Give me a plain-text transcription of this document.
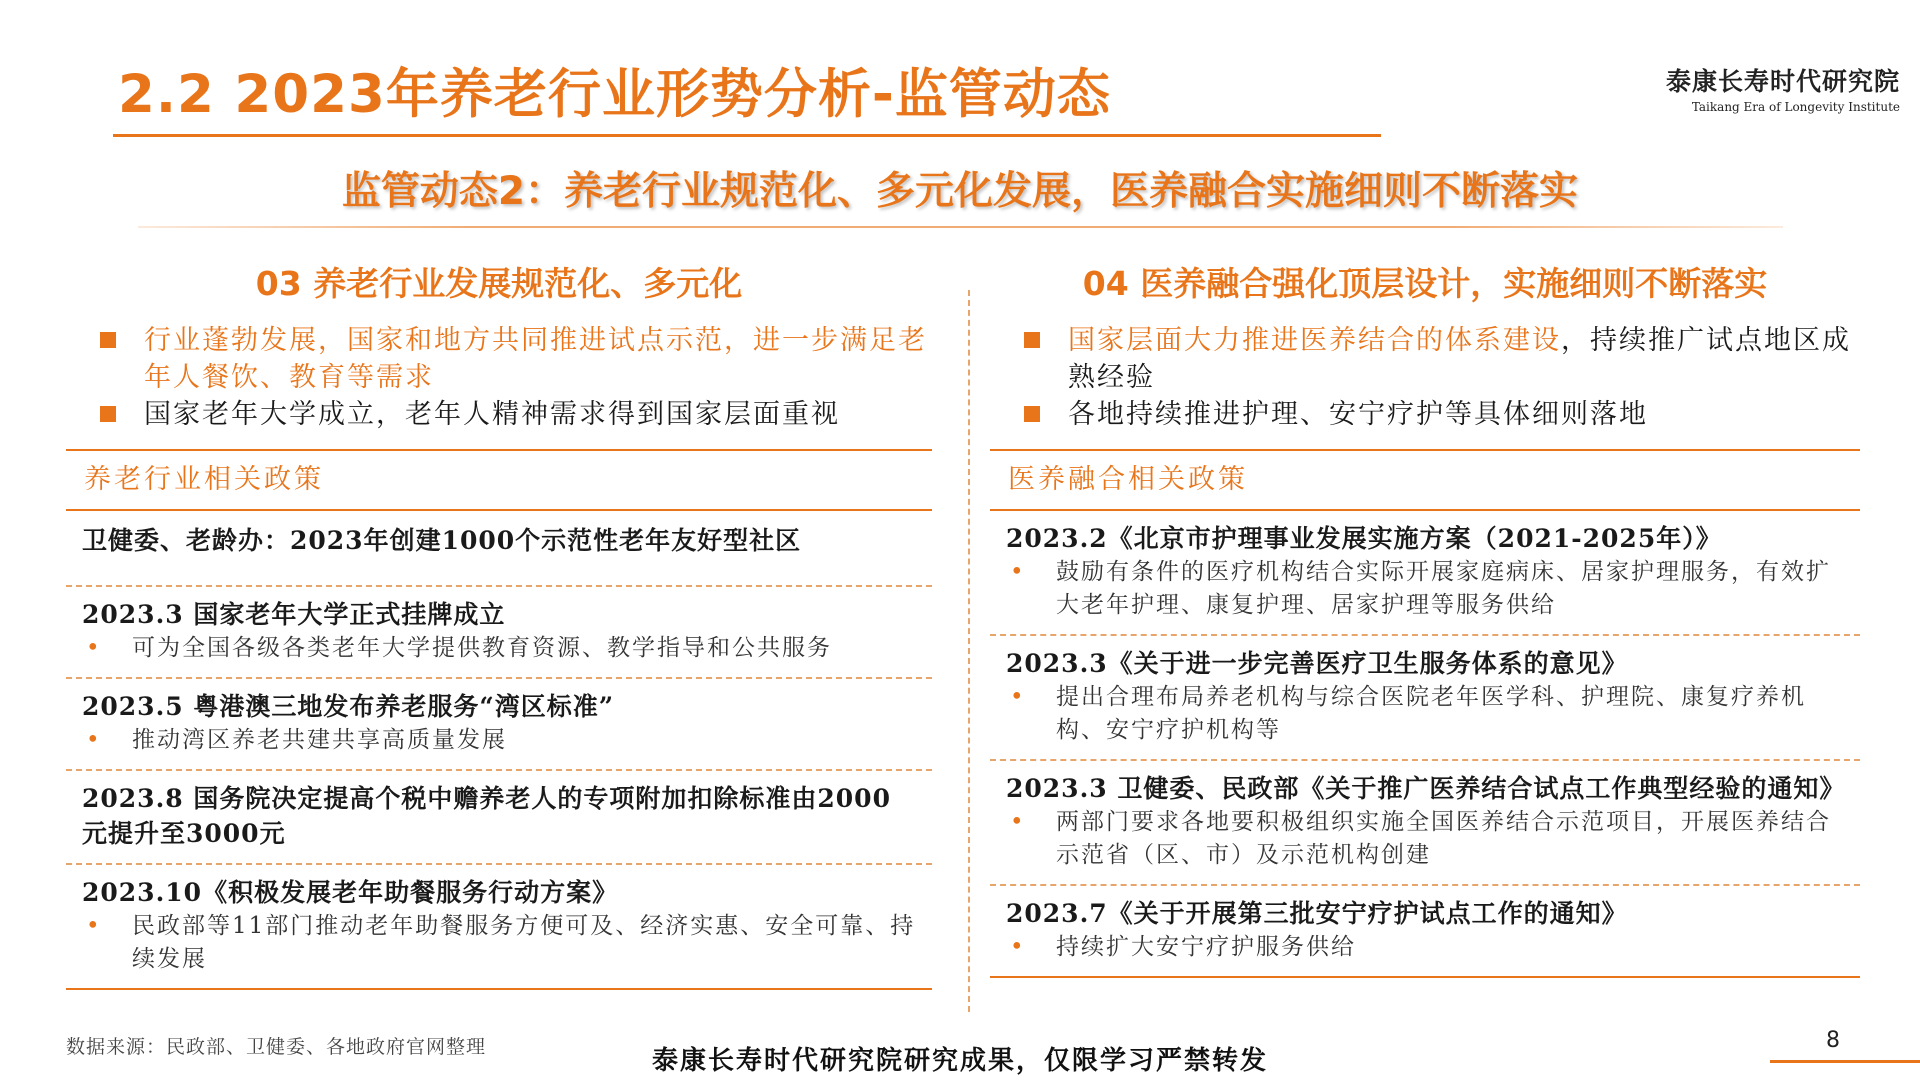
2.2 2023年养老行业形势分析-监管动态	泰康长寿时代研究院
Taikang Era of Longevity Institute
监管动态2：养老行业规范化、多元化发展，医养融合实施细则不断落实
03 养老行业发展规范化、多元化
行业蓬勃发展，国家和地方共同推进试点示范，进一步满足老年人餐饮、教育等需求
国家老年大学成立，老年人精神需求得到国家层面重视
养老行业相关政策
卫健委、老龄办：2023年创建1000个示范性老年友好型社区
2023.3 国家老年大学正式挂牌成立
• 可为全国各级各类老年大学提供教育资源、教学指导和公共服务
2023.5 粤港澳三地发布养老服务“湾区标准”
• 推动湾区养老共建共享高质量发展
2023.8 国务院决定提高个税中赡养老人的专项附加扣除标准由2000元提升至3000元
2023.10《积极发展老年助餐服务行动方案》
• 民政部等11部门推动老年助餐服务方便可及、经济实惠、安全可靠、持续发展
04 医养融合强化顶层设计，实施细则不断落实
国家层面大力推进医养结合的体系建设，持续推广试点地区成熟经验
各地持续推进护理、安宁疗护等具体细则落地
医养融合相关政策
2023.2《北京市护理事业发展实施方案（2021-2025年）》
• 鼓励有条件的医疗机构结合实际开展家庭病床、居家护理服务，有效扩大老年护理、康复护理、居家护理等服务供给
2023.3《关于进一步完善医疗卫生服务体系的意见》
• 提出合理布局养老机构与综合医院老年医学科、护理院、康复疗养机构、安宁疗护机构等
2023.3 卫健委、民政部《关于推广医养结合试点工作典型经验的通知》
• 两部门要求各地要积极组织实施全国医养结合示范项目，开展医养结合示范省（区、市）及示范机构创建
2023.7《关于开展第三批安宁疗护试点工作的通知》
• 持续扩大安宁疗护服务供给
数据来源：民政部、卫健委、各地政府官网整理	泰康长寿时代研究院研究成果，仅限学习严禁转发
8
